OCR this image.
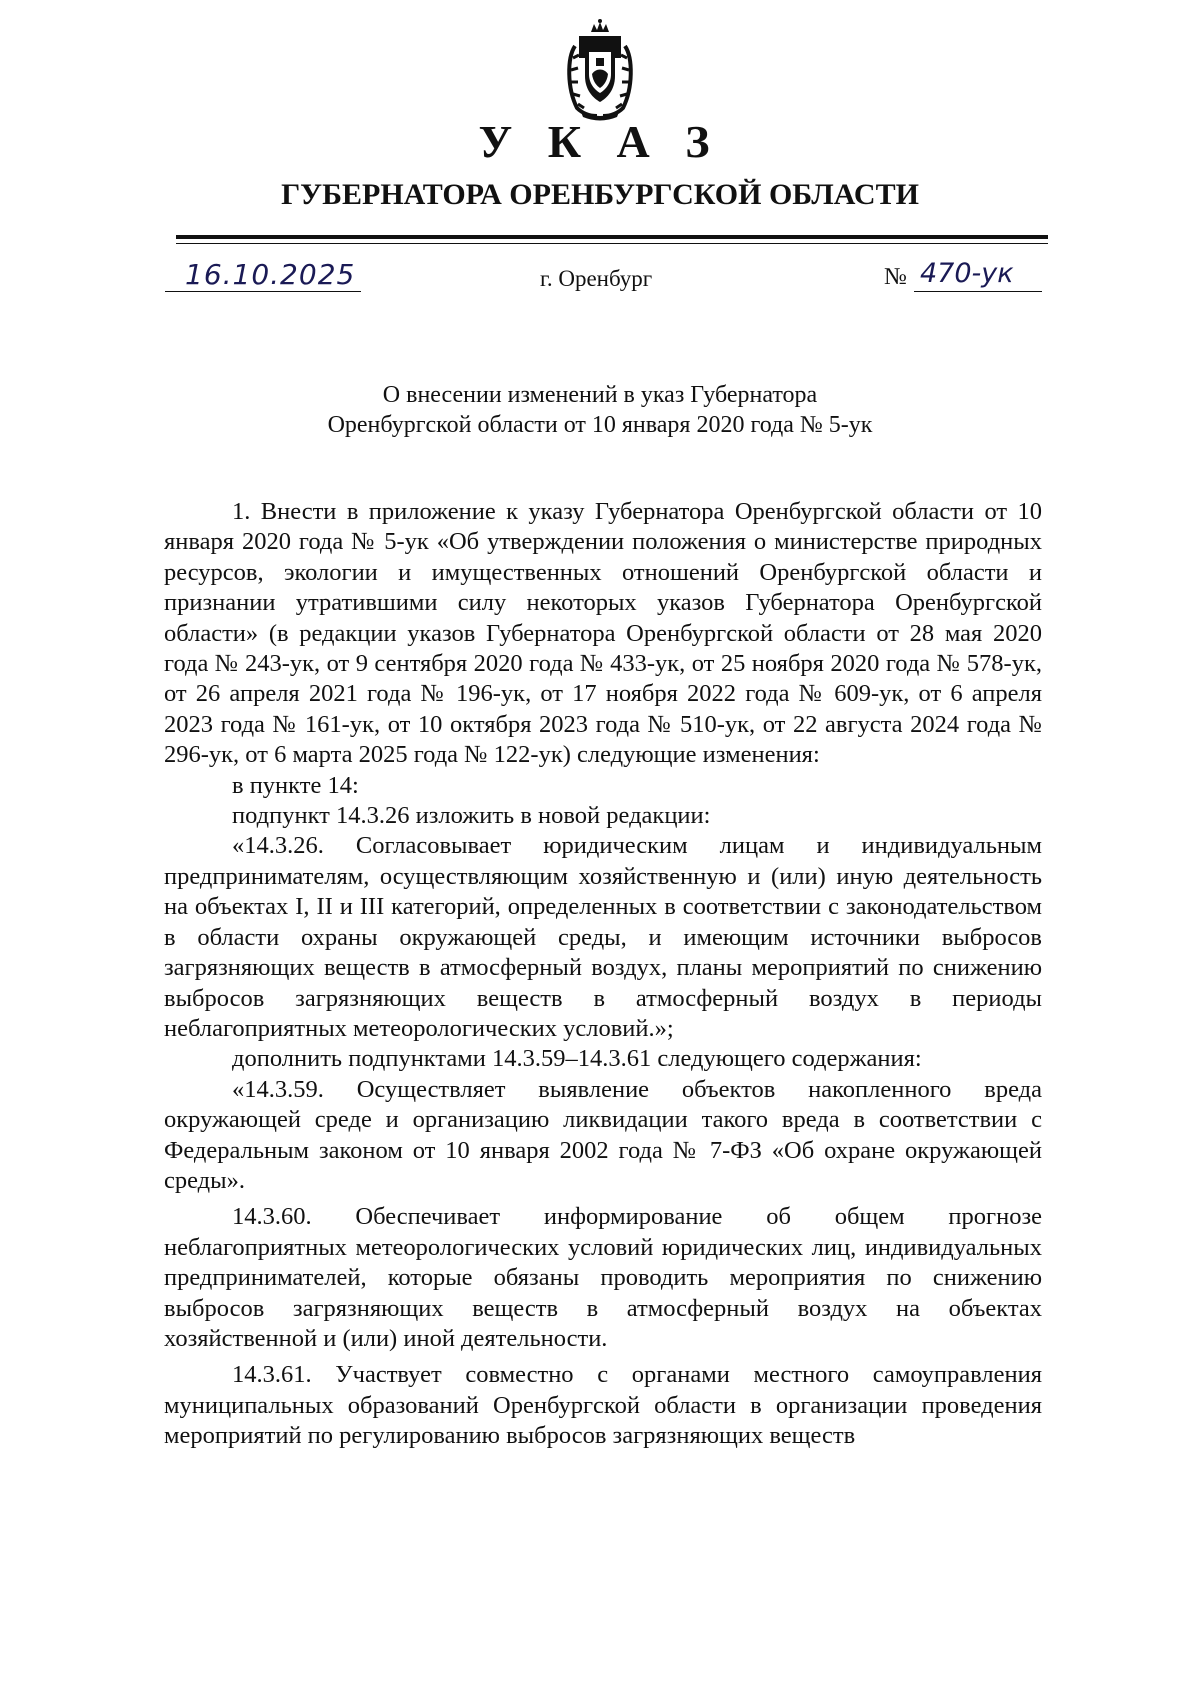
У К А З
ГУБЕРНАТОРА ОРЕНБУРГСКОЙ ОБЛАСТИ
16.10.2025	г. Оренбург	№ 470-ук
О внесении изменений в указ Губернатора
Оренбургской области от 10 января 2020 года № 5-ук

1. Внести в приложение к указу Губернатора Оренбургской области от 10 января 2020 года № 5-ук «Об утверждении положения о министерстве природных ресурсов, экологии и имущественных отношений Оренбургской области и признании утратившими силу некоторых указов Губернатора Оренбургской области» (в редакции указов Губернатора Оренбургской области от 28 мая 2020 года № 243-ук, от 9 сентября 2020 года № 433-ук, от 25 ноября 2020 года № 578-ук, от 26 апреля 2021 года № 196-ук, от 17 ноября 2022 года № 609-ук, от 6 апреля 2023 года № 161-ук, от 10 октября 2023 года № 510-ук, от 22 августа 2024 года № 296-ук, от 6 марта 2025 года № 122-ук) следующие изменения:

в пункте 14:

подпункт 14.3.26 изложить в новой редакции:

«14.3.26. Согласовывает юридическим лицам и индивидуальным предпринимателям, осуществляющим хозяйственную и (или) иную деятельность на объектах I, II и III категорий, определенных в соответствии с законодательством в области охраны окружающей среды, и имеющим источники выбросов загрязняющих веществ в атмосферный воздух, планы мероприятий по снижению выбросов загрязняющих веществ в атмосферный воздух в периоды неблагоприятных метеорологических условий.»;

дополнить подпунктами 14.3.59–14.3.61 следующего содержания:

«14.3.59. Осуществляет выявление объектов накопленного вреда окружающей среде и организацию ликвидации такого вреда в соответствии с Федеральным законом от 10 января 2002 года № 7-ФЗ «Об охране окружающей среды».

14.3.60. Обеспечивает информирование об общем прогнозе неблагоприятных метеорологических условий юридических лиц, индивидуальных предпринимателей, которые обязаны проводить мероприятия по снижению выбросов загрязняющих веществ в атмосферный воздух на объектах хозяйственной и (или) иной деятельности.

14.3.61. Участвует совместно с органами местного самоуправления муниципальных образований Оренбургской области в организации проведения мероприятий по регулированию выбросов загрязняющих веществ
